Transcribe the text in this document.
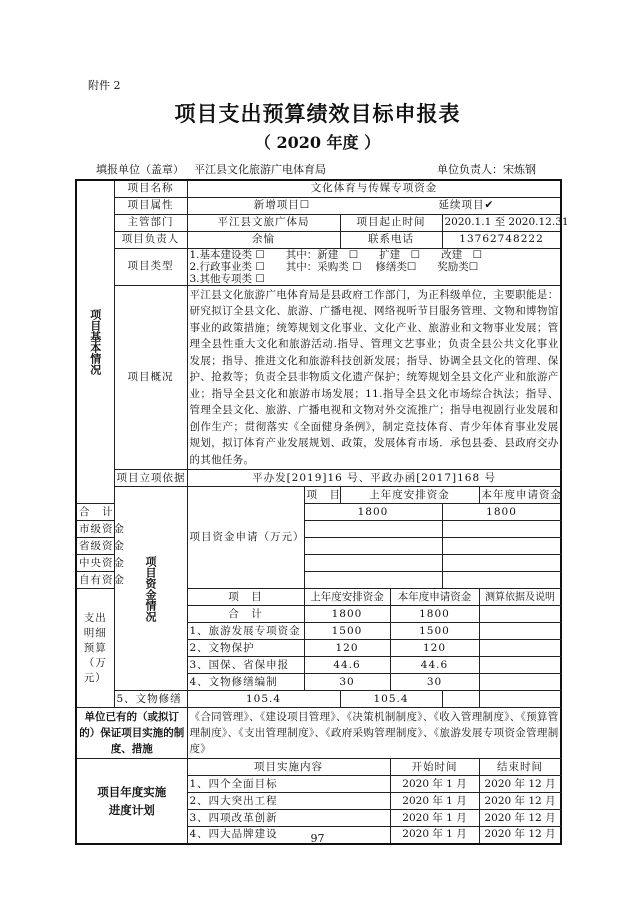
附件 2
项目支出预算绩效目标申报表
（ 2020 年度 ）
填报单位（盖章） 平江县文化旅游广电体育局	单位负责人：宋炼钢
项目基本情况	项目名称	文化体育与传媒专项资金					
	项目属性	新增项目☐ 延续项目✔					

	主管部门	平江县文旅广体局		项目起止时间		2020.1.1 至 2020.12.31	
	项目负责人	余愉		联系电话		13762748222	
	项目类型	1.基本建设类 ☐　　其中：新建　☐　　扩建　☐　　改建　☐
2.行政事业类 ☐　　其中：采购类 ☐　 修缮类☐　　奖励类☐
3.其他专项类 ☐					

	项目概况	平江县文化旅游广电体育局是县政府工作部门，为正科级单位，主要职能是：研究拟订全县文化、旅游、广播电视、网络视听节目服务管理、文物和博物馆事业的政策措施；统筹规划文化事业、文化产业、旅游业和文物事业发展；管理全县性重大文化和旅游活动.指导、管理文艺事业；负责全县公共文化事业发展；指导、推进文化和旅游科技创新发展；指导、协调全县文化的管理、保护、抢救等；负责全县非物质文化遗产保护；统筹规划全县文化产业和旅游产业；指导全县文化和旅游市场发展；11.指导全县文化市场综合执法；指导、管理全县文化、旅游、广播电视和文物对外交流推广；指导电视剧行业发展和创作生产；贯彻落实《全面健身条例》，制定竞技体育、青少年体育事业发展规划，拟订体育产业发展规划、政策，发展体育市场．承包县委、县政府交办的其他任务。					
	项目立项依据	平办发[2019]16 号、平政办函[2017]168 号					
	项目资金情况	项目资金申请（万元）	项　目	上年度安排资金			本年度申请资金
合　计			1800			1800	
市级资金							
省级资金							
中央资金							
自有资金							
支出明细预算（万元）		项　目	上年度安排资金		本年度申请资金		测算依据及说明
		合　计	1800		1800		
		1、旅游发展专项资金	1500		1500		
		2、文物保护	120		120		
		3、国保、省保申报	44.6		44.6		
		4、文物修缮编制	30		30		
	5、文物修缮	105.4		105.4			
单位已有的（或拟订的）保证项目实施的制度、措施		《合同管理》、《建设项目管理》、《决策机制制度》、《收入管理制度》、《预算管理制度》、《支出管理制度》、《政府采购管理制度》、《旅游发展专项资金管理制度》					
项目年度实施进度计划		项目实施内容			开始时间		结束时间
		1、四个全面目标			2020 年 1 月		2020 年 12 月
		2、四大突出工程			2020 年 1 月		2020 年 12 月
		3、四项改革创新			2020 年 1 月		2020 年 12 月
		4、四大品牌建设			2020 年 1 月		2020 年 12 月
97
